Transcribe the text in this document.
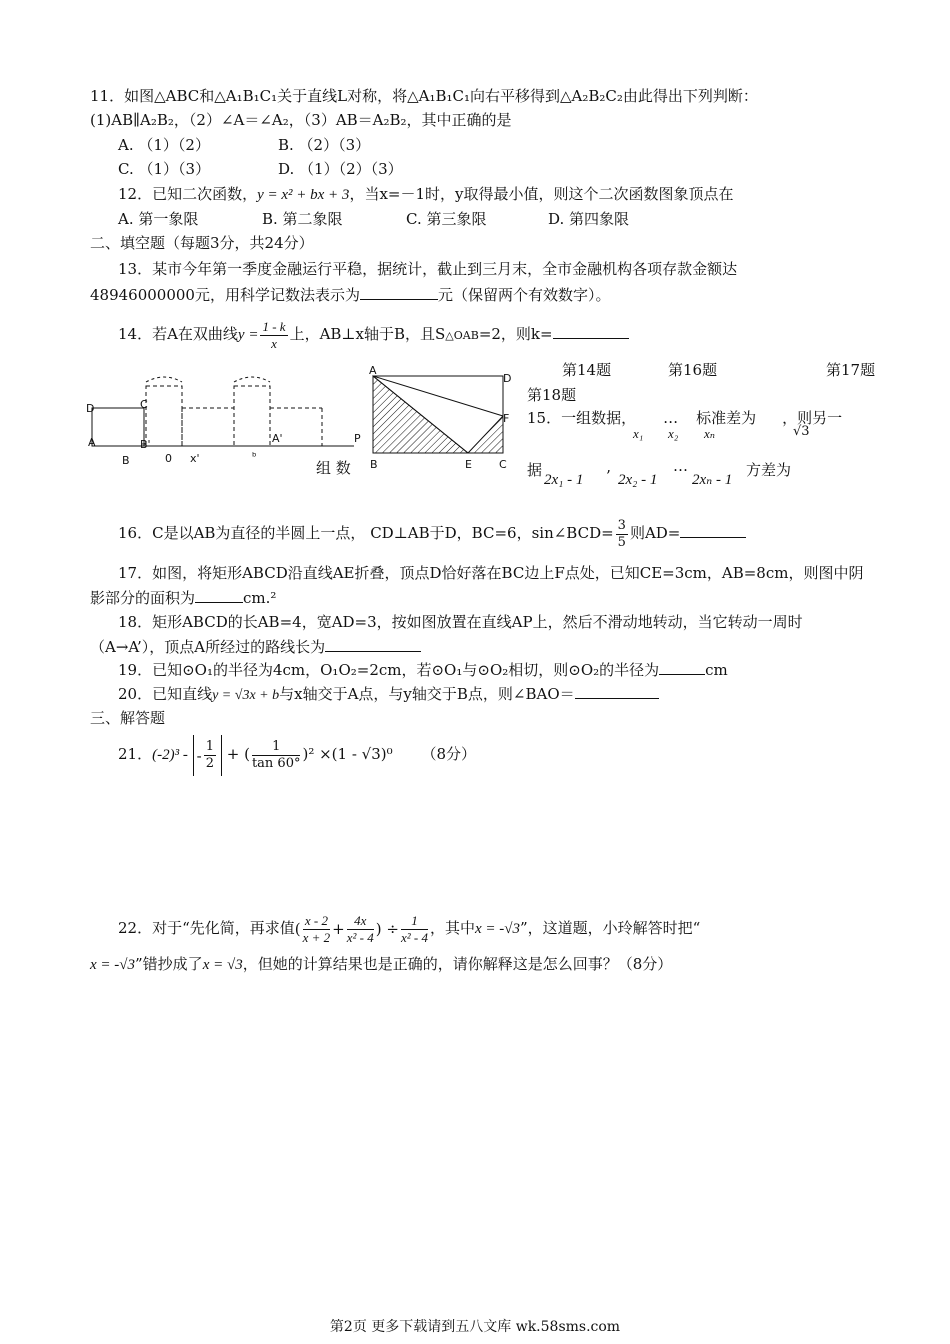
11．如图△ABC和△A₁B₁C₁关于直线L对称，将△A₁B₁C₁向右平移得到△A₂B₂C₂由此得出下列判断：
(1)AB∥A₂B₂，（2）∠A＝∠A₂，（3）AB＝A₂B₂，其中正确的是
A. （1）（2）	B. （2）（3）
C. （1）（3）	D. （1）（2）（3）
12．已知二次函数，y = x² + bx + 3，当x=－1时，y取得最小值，则这个二次函数图象顶点在
A. 第一象限	B. 第二象限	C. 第三象限	D. 第四象限
二、填空题（每题3分，共24分）
13．某市今年第一季度金融运行平稳，据统计，截止到三月末，全市金融机构各项存款金额达
48946000000元，用科学记数法表示为	元（保留两个有效数字）。
14．若A在双曲线$y = \frac{1 - k}{x}$ 上，AB⊥x轴于B，且S△OAB=2，则k=
第14题	第16题	第17题
第18题
D	C
B
B'
A	A'	P
0 x'	ᵇ
组 数
A
D
F
B	E C
15．一组数据， … 标准差为 ，则另一
x₁ x₂ xₙ	√3
据
2x₁ - 1 ’ 2x₂ - 1
…
2xₙ - 1
方差为
16．C是以AB为直径的半圆上一点， CD⊥AB于D，BC=6，sin∠BCD= $\frac{3}{5}$ 则AD=
17．如图，将矩形ABCD沿直线AE折叠，顶点D恰好落在BC边上F点处，已知CE=3cm，AB=8cm，则图中阴
影部分的面积为	cm.²
18．矩形ABCD的长AB=4，宽AD=3，按如图放置在直线AP上，然后不滑动地转动，当它转动一周时
（A→A’），顶点A所经过的路线长为
19．已知⊙O₁的半径为4cm，O₁O₂=2cm，若⊙O₁与⊙O₂相切，则⊙O₂的半径为	cm
20．已知直线y = √3x + b与x轴交于A点，与y轴交于B点，则∠BAO＝
三、解答题
21．(-2)³ - - $\frac{1}{2}$ + ( $\frac{1}{\tan 60^\circ} )^2 \times(1 - √3)^0$ （8分）
22．对于“先化简，再求值( $\frac{x - 2}{x + 2} + \frac{4x}{\text{x² - 4}}$ ) ÷ $\frac{1}{\text{x² - 4}}$ ，其中x = -√3”，这道题，小玲解答时把“
x = -√3”错抄成了x = √3，但她的计算结果也是正确的，请你解释这是怎么回事？（8分）
第2页 更多下载请到五八文库 wk.58sms.com
